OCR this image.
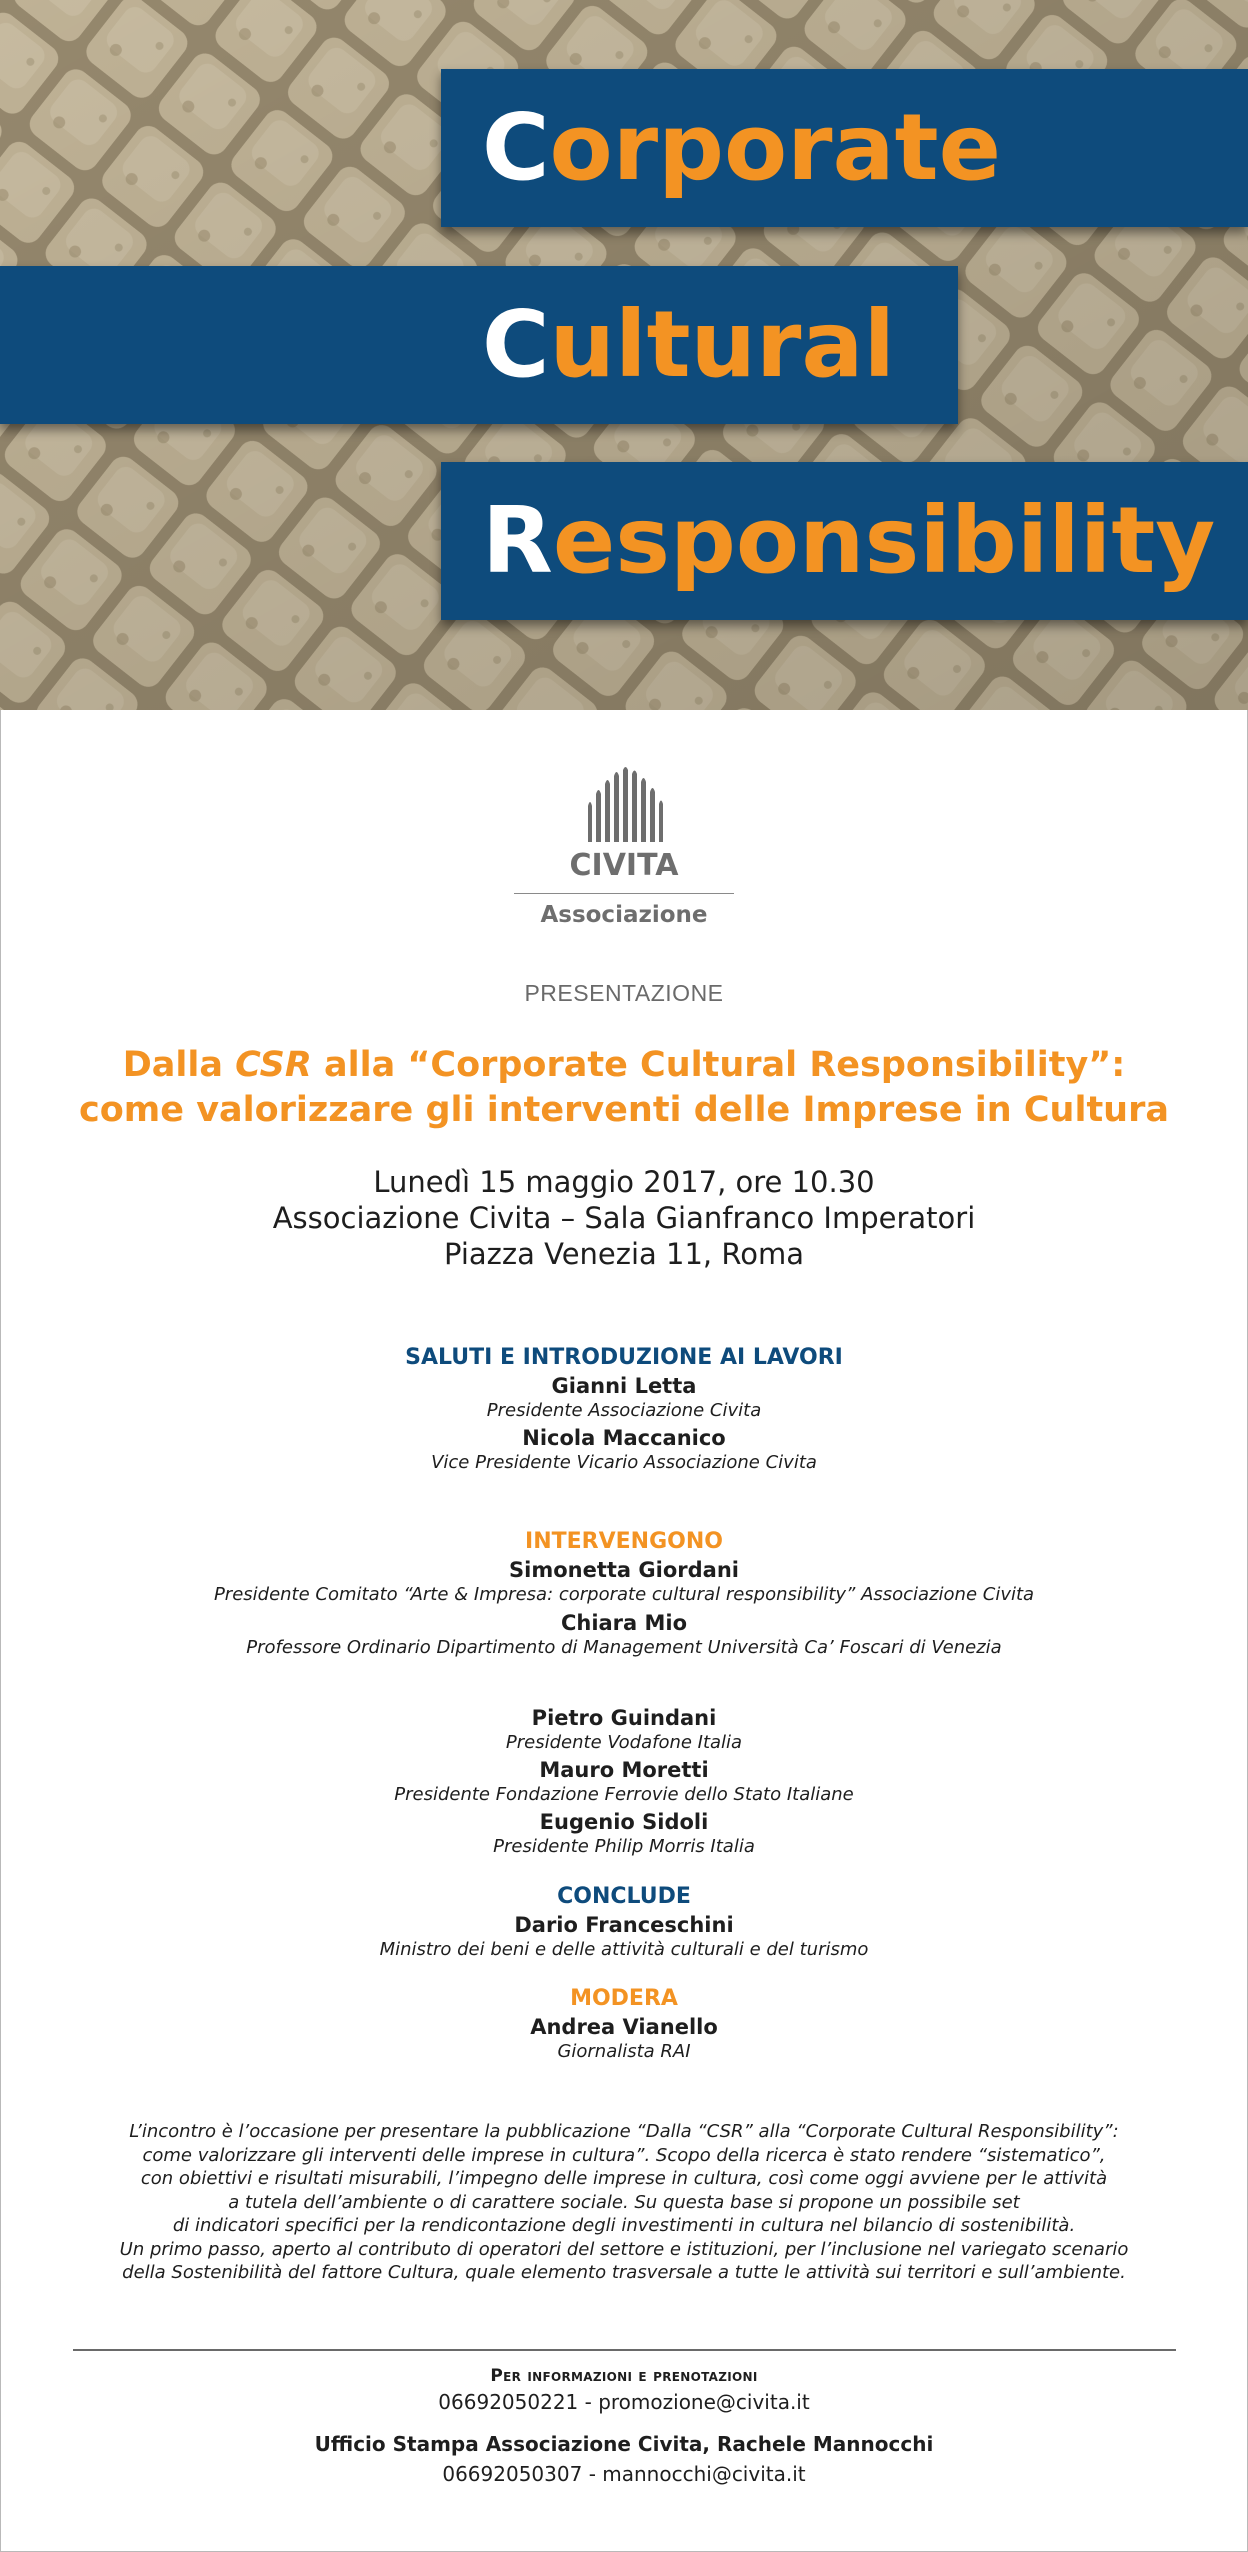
Corporate
Cultural
Responsibility
CIVITA
Associazione
PRESENTAZIONE
Dalla CSR alla “Corporate Cultural Responsibility”:
come valorizzare gli interventi delle Imprese in Cultura
Lunedì 15 maggio 2017, ore 10.30
Associazione Civita – Sala Gianfranco Imperatori
Piazza Venezia 11, Roma
SALUTI E INTRODUZIONE AI LAVORI
Gianni Letta
Presidente Associazione Civita
Nicola Maccanico
Vice Presidente Vicario Associazione Civita
INTERVENGONO
Simonetta Giordani
Presidente Comitato “Arte & Impresa: corporate cultural responsibility” Associazione Civita
Chiara Mio
Professore Ordinario Dipartimento di Management Università Ca’ Foscari di Venezia
Pietro Guindani
Presidente Vodafone Italia
Mauro Moretti
Presidente Fondazione Ferrovie dello Stato Italiane
Eugenio Sidoli
Presidente Philip Morris Italia
CONCLUDE
Dario Franceschini
Ministro dei beni e delle attività culturali e del turismo
MODERA
Andrea Vianello
Giornalista RAI
L’incontro è l’occasione per presentare la pubblicazione “Dalla “CSR” alla “Corporate Cultural Responsibility”:
come valorizzare gli interventi delle imprese in cultura”. Scopo della ricerca è stato rendere “sistematico”,
con obiettivi e risultati misurabili, l’impegno delle imprese in cultura, così come oggi avviene per le attività
a tutela dell’ambiente o di carattere sociale. Su questa base si propone un possibile set
di indicatori specifici per la rendicontazione degli investimenti in cultura nel bilancio di sostenibilità.
Un primo passo, aperto al contributo di operatori del settore e istituzioni, per l’inclusione nel variegato scenario
della Sostenibilità del fattore Cultura, quale elemento trasversale a tutte le attività sui territori e sull’ambiente.
Per informazioni e prenotazioni
06692050221 - promozione@civita.it
Ufficio Stampa Associazione Civita, Rachele Mannocchi
06692050307 - mannocchi@civita.it
